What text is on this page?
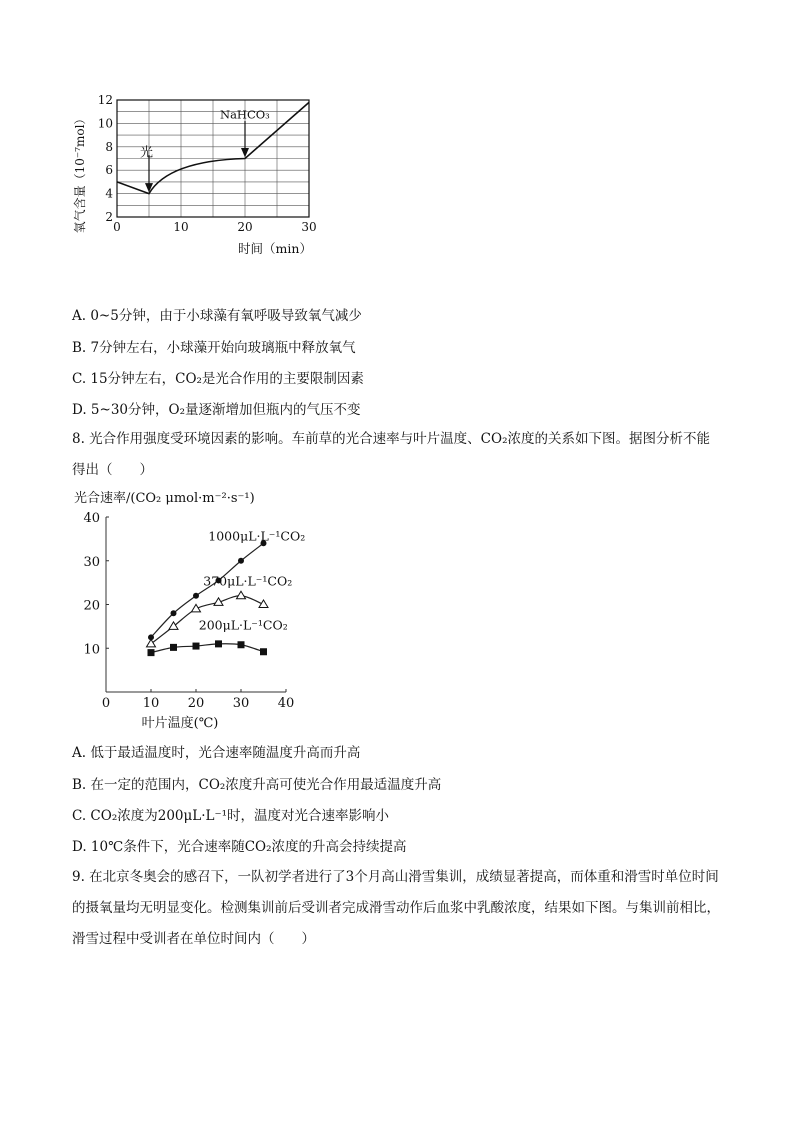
0	10	20	30
2
4
6
8
10
12
光
NaHCO₃
氧气含量（10⁻⁷mol）
时间（min）
A. 0~5分钟，由于小球藻有氧呼吸导致氧气减少
B. 7分钟左右，小球藻开始向玻璃瓶中释放氧气
C. 15分钟左右，CO₂是光合作用的主要限制因素
D. 5~30分钟，O₂量逐渐增加但瓶内的气压不变
8. 光合作用强度受环境因素的影响。车前草的光合速率与叶片温度、CO₂浓度的关系如下图。据图分析不能得出（　　）
光合速率/(CO₂ μmol·m⁻²·s⁻¹)
0	10 20 30 40
10
20
30
40
1000μL·L⁻¹CO₂
370μL·L⁻¹CO₂
200μL·L⁻¹CO₂
叶片温度(℃)
A. 低于最适温度时，光合速率随温度升高而升高
B. 在一定的范围内，CO₂浓度升高可使光合作用最适温度升高
C. CO₂浓度为200μL·L⁻¹时，温度对光合速率影响小
D. 10℃条件下，光合速率随CO₂浓度的升高会持续提高
9. 在北京冬奥会的感召下，一队初学者进行了3个月高山滑雪集训，成绩显著提高，而体重和滑雪时单位时间的摄氧量均无明显变化。检测集训前后受训者完成滑雪动作后血浆中乳酸浓度，结果如下图。与集训前相比，滑雪过程中受训者在单位时间内（　　）
